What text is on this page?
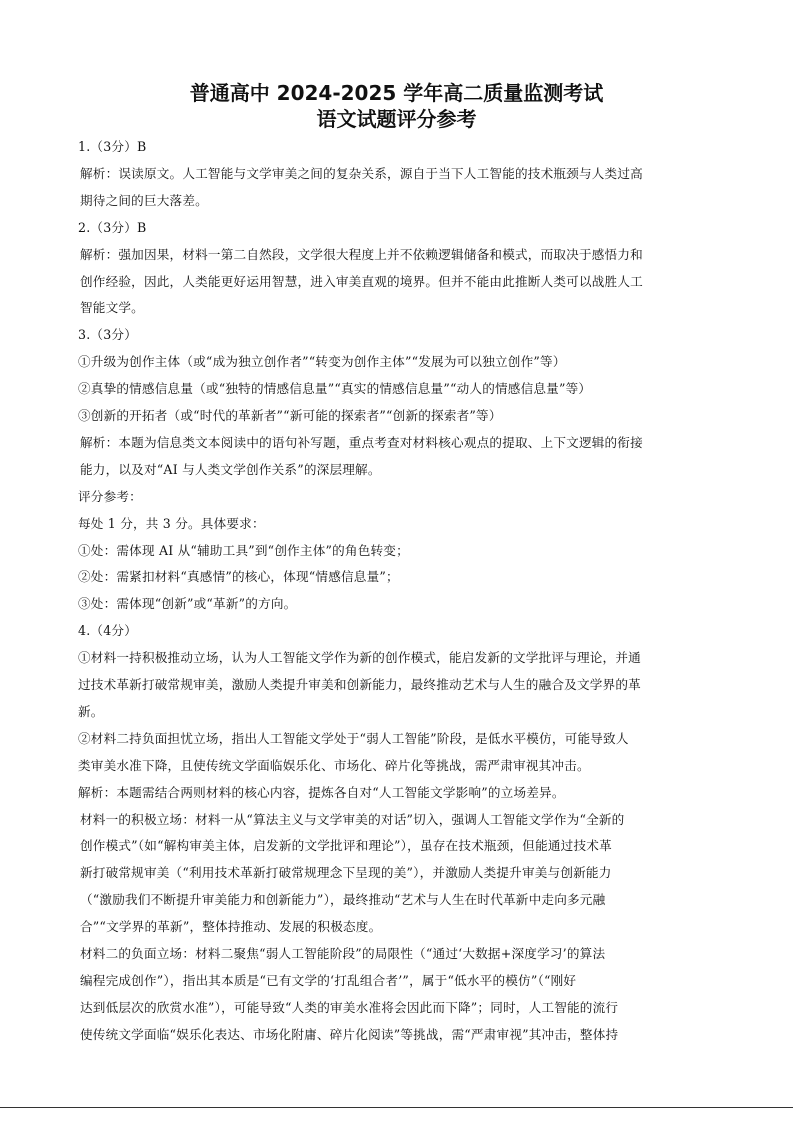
普通高中 2024-2025 学年高二质量监测考试
语文试题评分参考
1.（3分）B
解析：误读原文。人工智能与文学审美之间的复杂关系，源自于当下人工智能的技术瓶颈与人类过高
期待之间的巨大落差。
2.（3分）B
解析：强加因果，材料一第二自然段，文学很大程度上并不依赖逻辑储备和模式，而取决于感悟力和
创作经验，因此，人类能更好运用智慧，进入审美直观的境界。但并不能由此推断人类可以战胜人工
智能文学。
3.（3分）
①升级为创作主体（或“成为独立创作者”“转变为创作主体”“发展为可以独立创作”等）
②真挚的情感信息量（或“独特的情感信息量”“真实的情感信息量”“动人的情感信息量”等）
③创新的开拓者（或“时代的革新者”“新可能的探索者”“创新的探索者”等）
解析：本题为信息类文本阅读中的语句补写题，重点考查对材料核心观点的提取、上下文逻辑的衔接
能力，以及对“AI 与人类文学创作关系”的深层理解。
评分参考：
每处 1 分，共 3 分。具体要求：
①处：需体现 AI 从“辅助工具”到“创作主体”的角色转变；
②处：需紧扣材料“真感情”的核心，体现“情感信息量”；
③处：需体现“创新”或“革新”的方向。
4.（4分）
①材料一持积极推动立场，认为人工智能文学作为新的创作模式，能启发新的文学批评与理论，并通
过技术革新打破常规审美，激励人类提升审美和创新能力，最终推动艺术与人生的融合及文学界的革
新。
②材料二持负面担忧立场，指出人工智能文学处于“弱人工智能”阶段，是低水平模仿，可能导致人
类审美水准下降，且使传统文学面临娱乐化、市场化、碎片化等挑战，需严肃审视其冲击。
解析：本题需结合两则材料的核心内容，提炼各自对“人工智能文学影响”的立场差异。
材料一的积极立场：材料一从“算法主义与文学审美的对话”切入，强调人工智能文学作为“全新的
创作模式”（如“解构审美主体，启发新的文学批评和理论”），虽存在技术瓶颈，但能通过技术革
新打破常规审美（“利用技术革新打破常规理念下呈现的美”），并激励人类提升审美与创新能力
（“激励我们不断提升审美能力和创新能力”），最终推动“艺术与人生在时代革新中走向多元融
合”“文学界的革新”，整体持推动、发展的积极态度。
材料二的负面立场：材料二聚焦“弱人工智能阶段”的局限性（“通过‘大数据+深度学习’的算法
编程完成创作”），指出其本质是“已有文学的‘打乱组合者’”，属于“低水平的模仿”（“刚好
达到低层次的欣赏水准”），可能导致“人类的审美水准将会因此而下降”；同时，人工智能的流行
使传统文学面临“娱乐化表达、市场化附庸、碎片化阅读”等挑战，需“严肃审视”其冲击，整体持
